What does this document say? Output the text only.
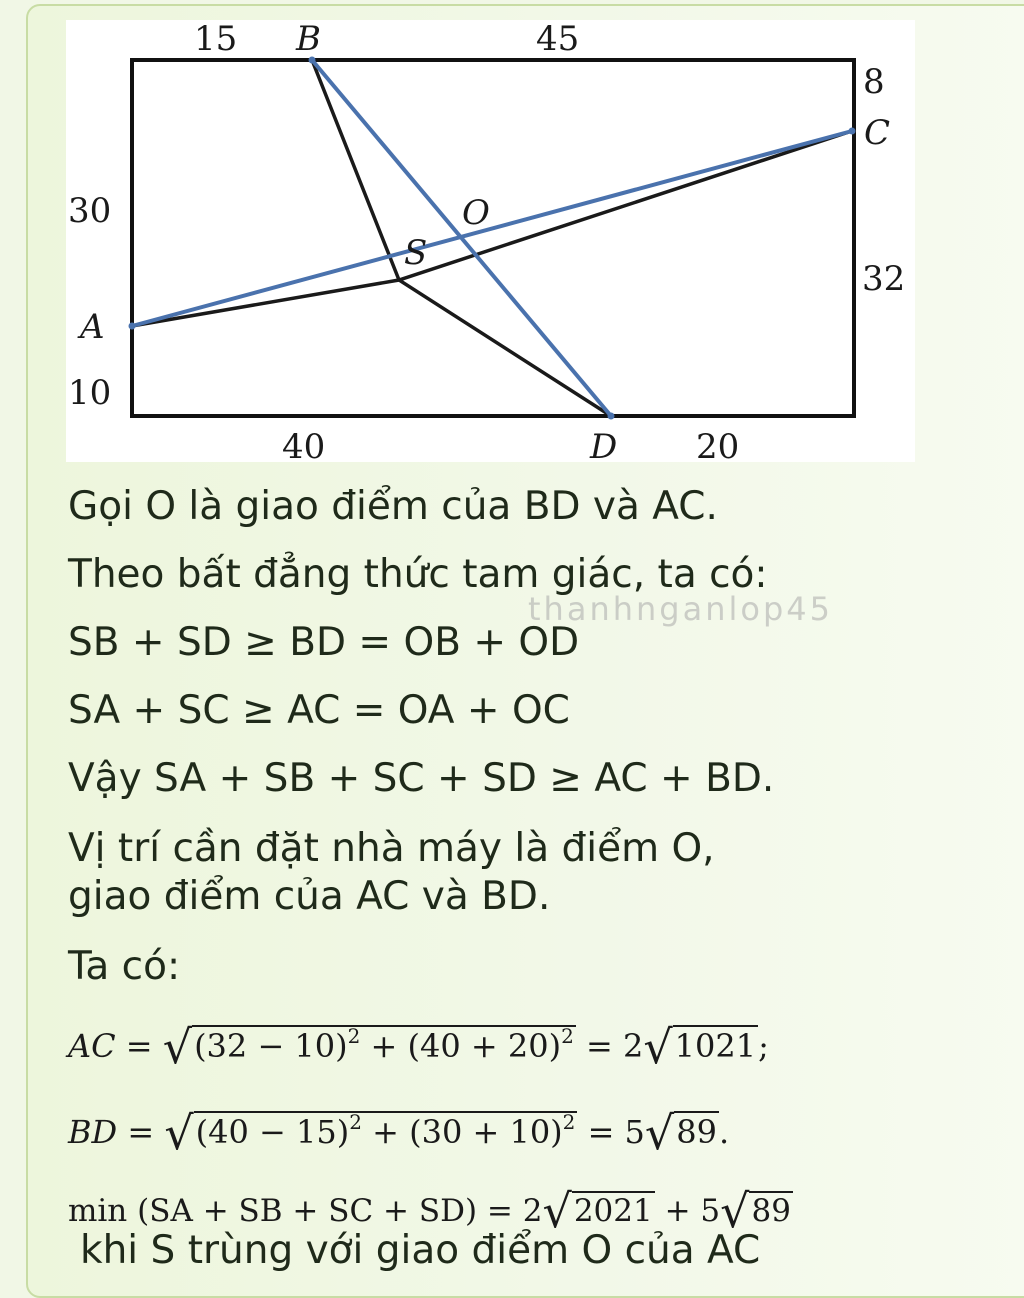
15	45
8
32
30
10
40	20
A
B
C
D
O
S
Gọi O là giao điểm của BD và AC.
Theo bất đẳng thức tam giác, ta có:
SB + SD ≥ BD = OB + OD
SA + SC ≥ AC = OA + OC
Vậy SA + SB + SC + SD ≥ AC + BD.
Vị trí cần đặt nhà máy là điểm O,
giao điểm của AC và BD.
Ta có:
AC = $√(32 - 10)^2 + (40 + 20)^2 = 2√1021$;
BD = $√(40 - 15)^2 + (30 + 10)^2 = 5√89$.
min (SA + SB + SC + SD) = 2√2021 + 5√89
khi S trùng với giao điểm O của AC
thanhnganlop45
